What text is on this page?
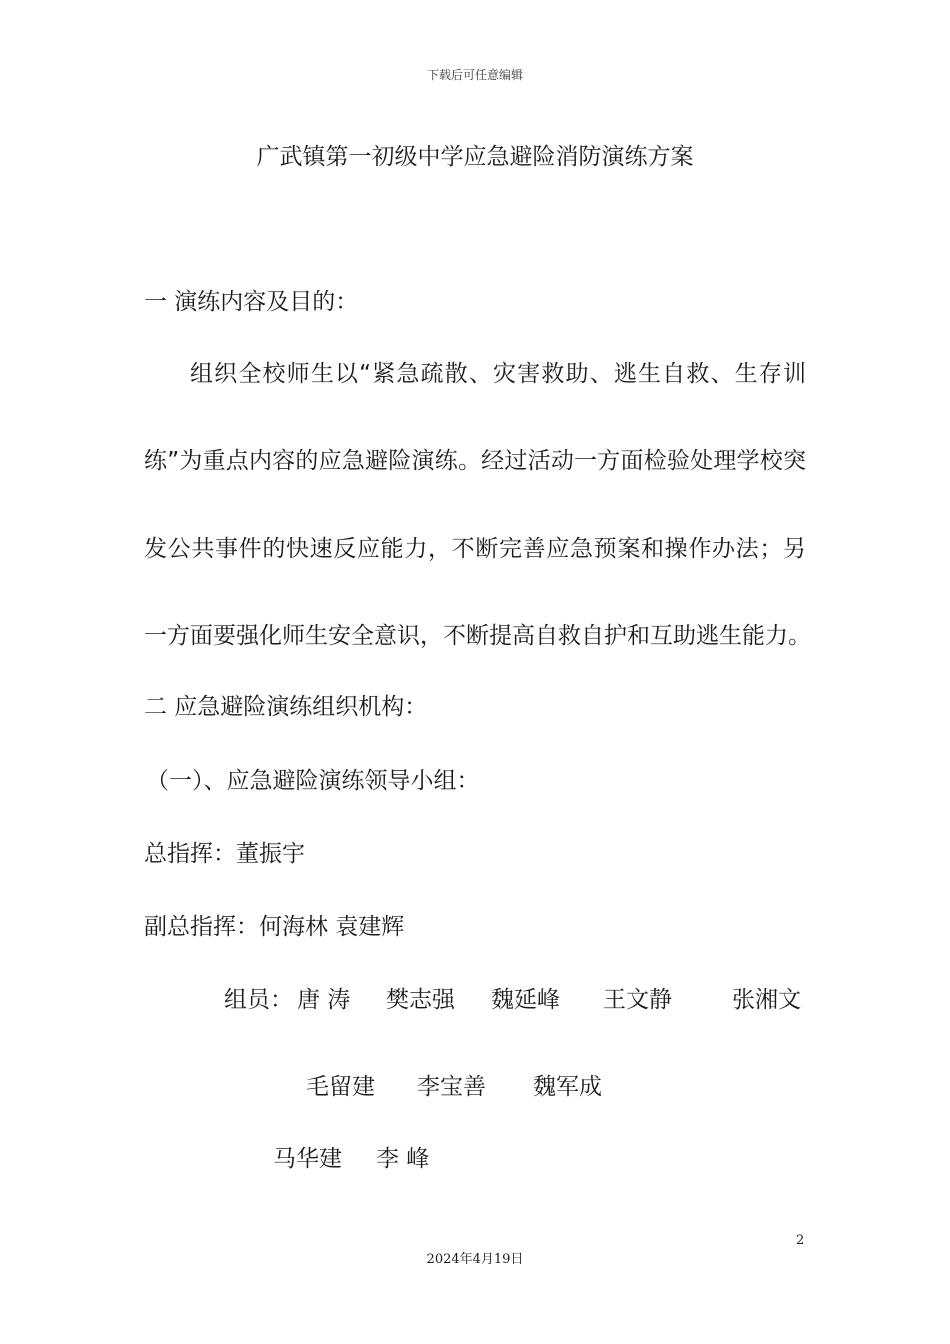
下载后可任意编辑
广武镇第一初级中学应急避险消防演练方案
一 演练内容及目的：
组织全校师生以“紧急疏散、灾害救助、逃生自救、生存训
练”为重点内容的应急避险演练。经过活动一方面检验处理学校突
发公共事件的快速反应能力，不断完善应急预案和操作办法；另
一方面要强化师生安全意识，不断提高自救自护和互助逃生能力。
二 应急避险演练组织机构：
（一）、应急避险演练领导小组：
总指挥：董振宇
副总指挥：何海林 袁建辉
组员： 唐 涛 樊志强 魏延峰 王文静	张湘文
毛留建 李宝善 魏军成
马华建 李 峰
2
2024年4月19日
